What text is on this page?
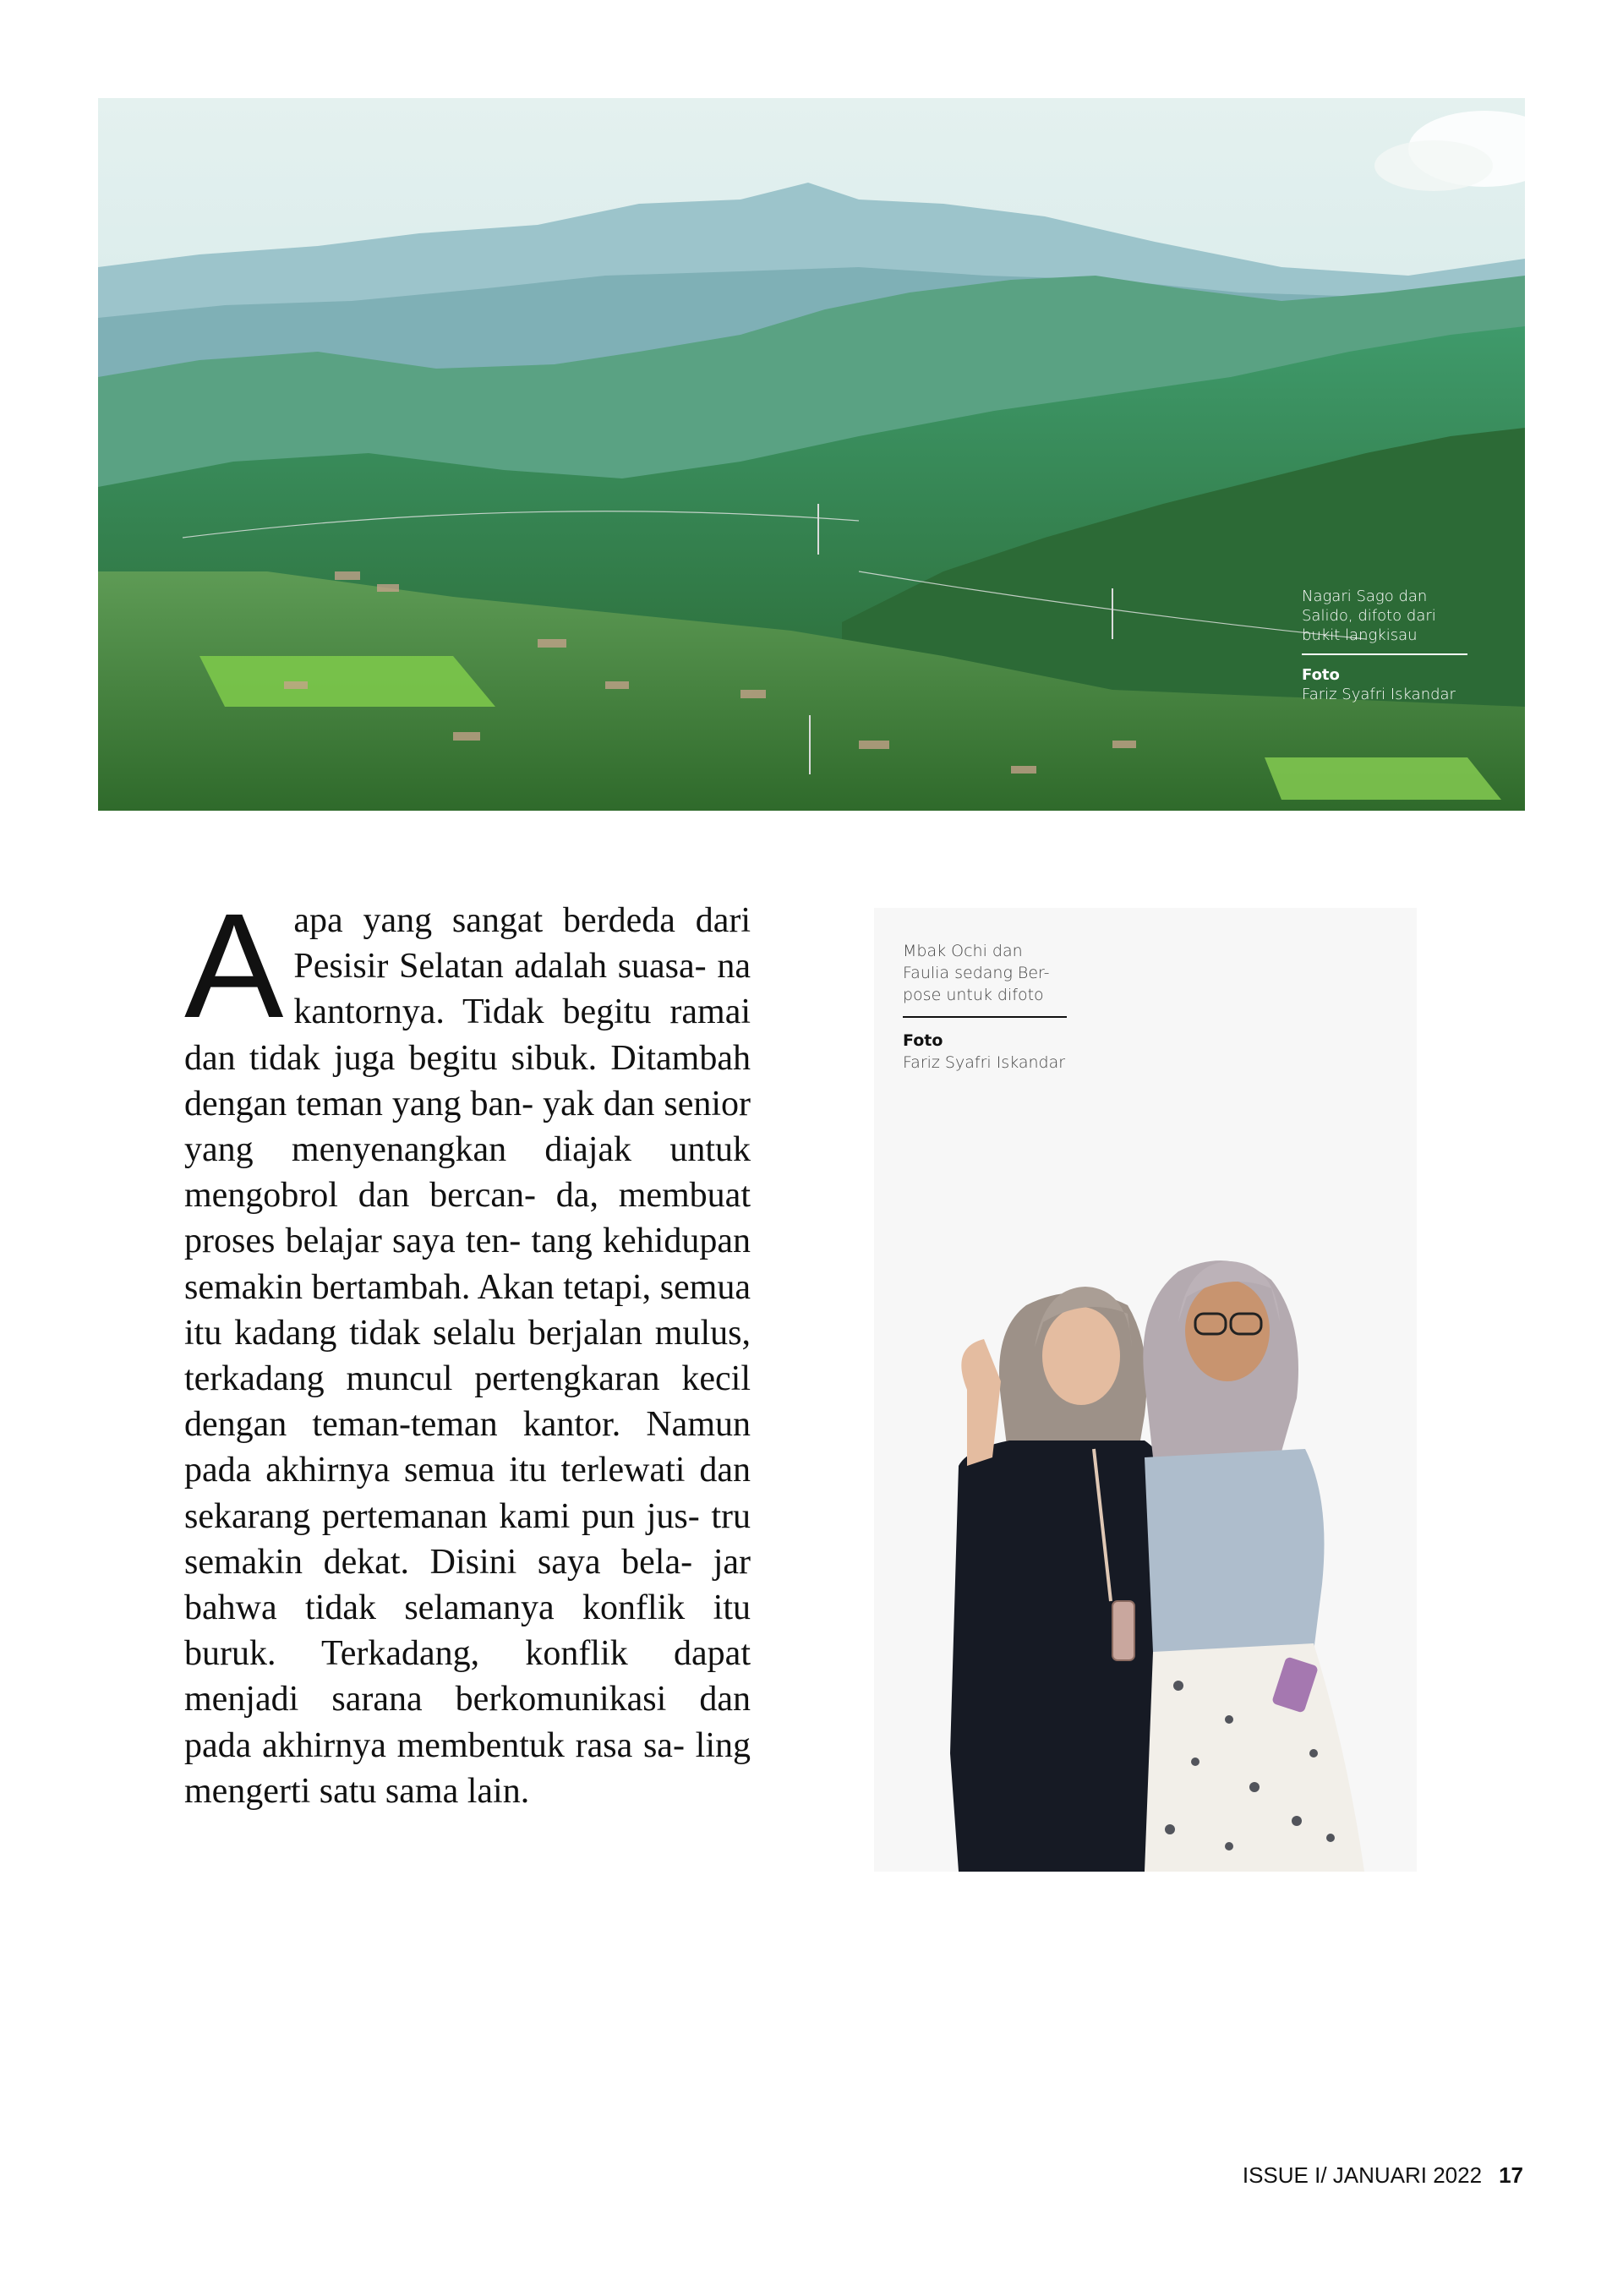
Nagari Sago dan
Salido, difoto dari
bukit langkisau
Foto
Fariz Syafri Iskandar
A apa yang sangat berdeda dari Pesisir Selatan adalah suasa- na kantornya. Tidak begitu ramai dan tidak juga begitu sibuk. Ditambah dengan teman yang ban- yak dan senior yang menyenangkan diajak untuk mengobrol dan bercan- da, membuat proses belajar saya ten- tang kehidupan semakin bertambah. Akan tetapi, semua itu kadang tidak selalu berjalan mulus, terkadang muncul pertengkaran kecil dengan teman-teman kantor. Namun pada akhirnya semua itu terlewati dan sekarang pertemanan kami pun jus- tru semakin dekat. Disini saya bela- jar bahwa tidak selamanya konflik itu buruk. Terkadang, konflik dapat menjadi sarana berkomunikasi dan pada akhirnya membentuk rasa sa- ling mengerti satu sama lain.

Mbak Ochi dan
Faulia sedang Ber-
pose untuk difoto
Foto
Fariz Syafri Iskandar
ISSUE I/ JANUARI 2022 17
